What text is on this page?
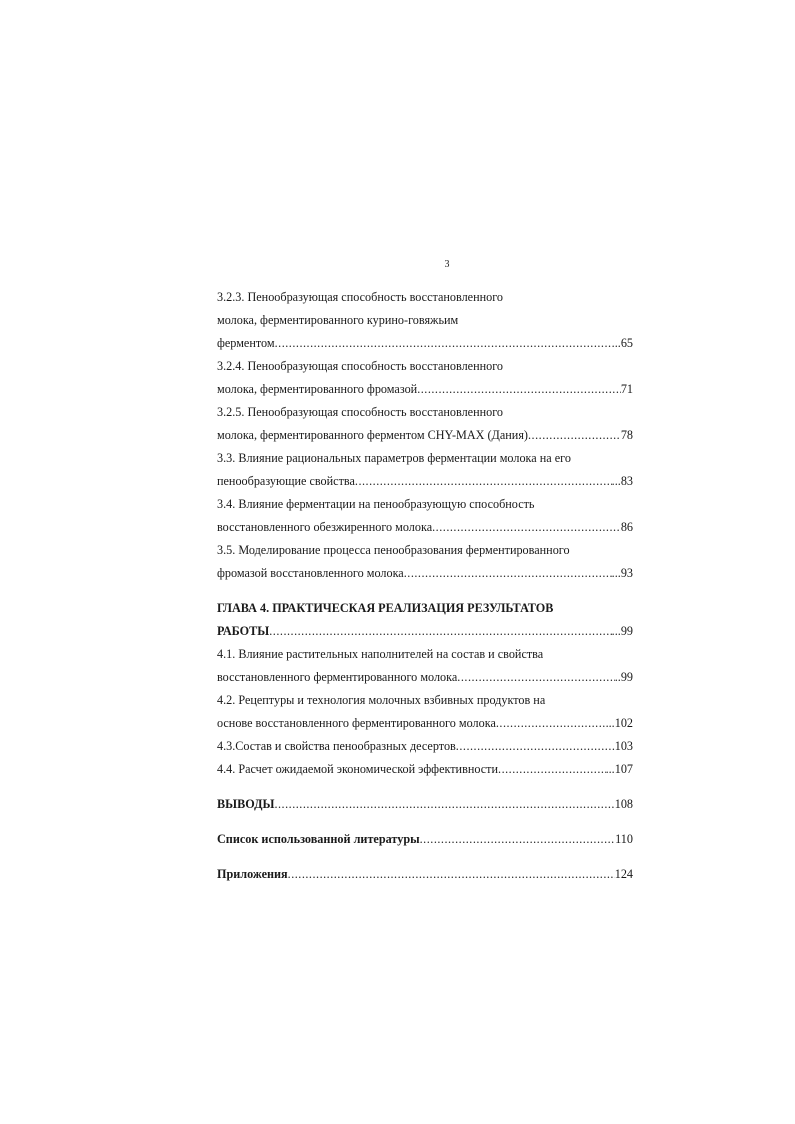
3
3.2.3. Пенообразующая способность восстановленного
молока, ферментированного курино-говяжьим
ферментом .....	..65
3.2.4. Пенообразующая способность восстановленного
молока, ферментированного фромазой .....	71
3.2.5. Пенообразующая способность восстановленного
молока, ферментированного ферментом CHY-MAX (Дания) .....	78
3.3. Влияние рациональных параметров ферментации молока на его
пенообразующие свойства .....	...83
3.4. Влияние ферментации на пенообразующую способность
восстановленного обезжиренного молока .....	86
3.5. Моделирование процесса пенообразования ферментированного
фромазой восстановленного молока .....	...93
ГЛАВА 4. ПРАКТИЧЕСКАЯ РЕАЛИЗАЦИЯ РЕЗУЛЬТАТОВ
РАБОТЫ .....	...99
4.1. Влияние растительных наполнителей на состав и свойства
восстановленного ферментированного молока .....	..99
4.2. Рецептуры и технология молочных взбивных продуктов на
основе восстановленного ферментированного молока .....	...102
4.3.Состав и свойства пенообразных десертов .....	103
4.4. Расчет ожидаемой экономической эффективности .....	...107
ВЫВОДЫ .....	108
Список использованной литературы .....	110
Приложения .....	124
